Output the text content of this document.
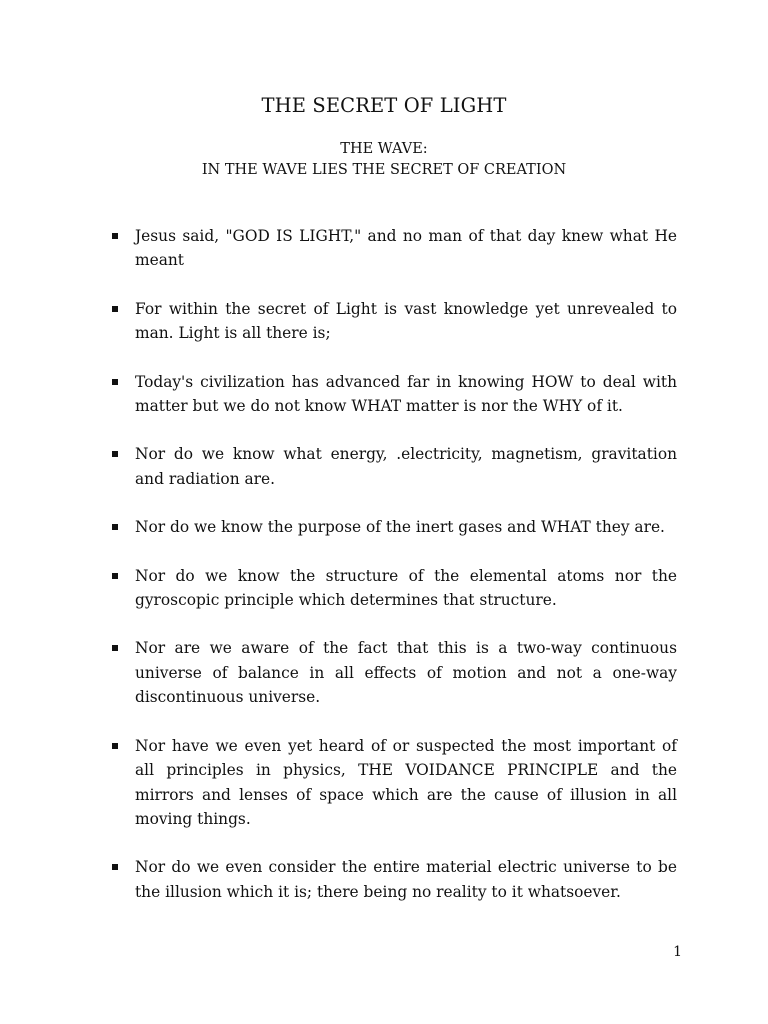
THE SECRET OF LIGHT

THE WAVE:

IN THE WAVE LIES THE SECRET OF CREATION

Jesus said, "GOD IS LIGHT," and no man of that day knew what He meant
For within the secret of Light is vast knowledge yet unrevealed to man. Light is all there is;
Today's civilization has advanced far in knowing HOW to deal with matter but we do not know WHAT matter is nor the WHY of it.
Nor do we know what energy, .electricity, magnetism, gravitation and radiation are.
Nor do we know the purpose of the inert gases and WHAT they are.
Nor do we know the structure of the elemental atoms nor the gyroscopic principle which determines that structure.
Nor are we aware of the fact that this is a two-way continuous universe of balance in all effects of motion and not a one-way discontinuous universe.
Nor have we even yet heard of or suspected the most important of all principles in physics, THE VOIDANCE PRINCIPLE and the mirrors and lenses of space which are the cause of illusion in all moving things.
Nor do we even consider the entire material electric universe to be the illusion which it is; there being no reality to it whatsoever.
1
